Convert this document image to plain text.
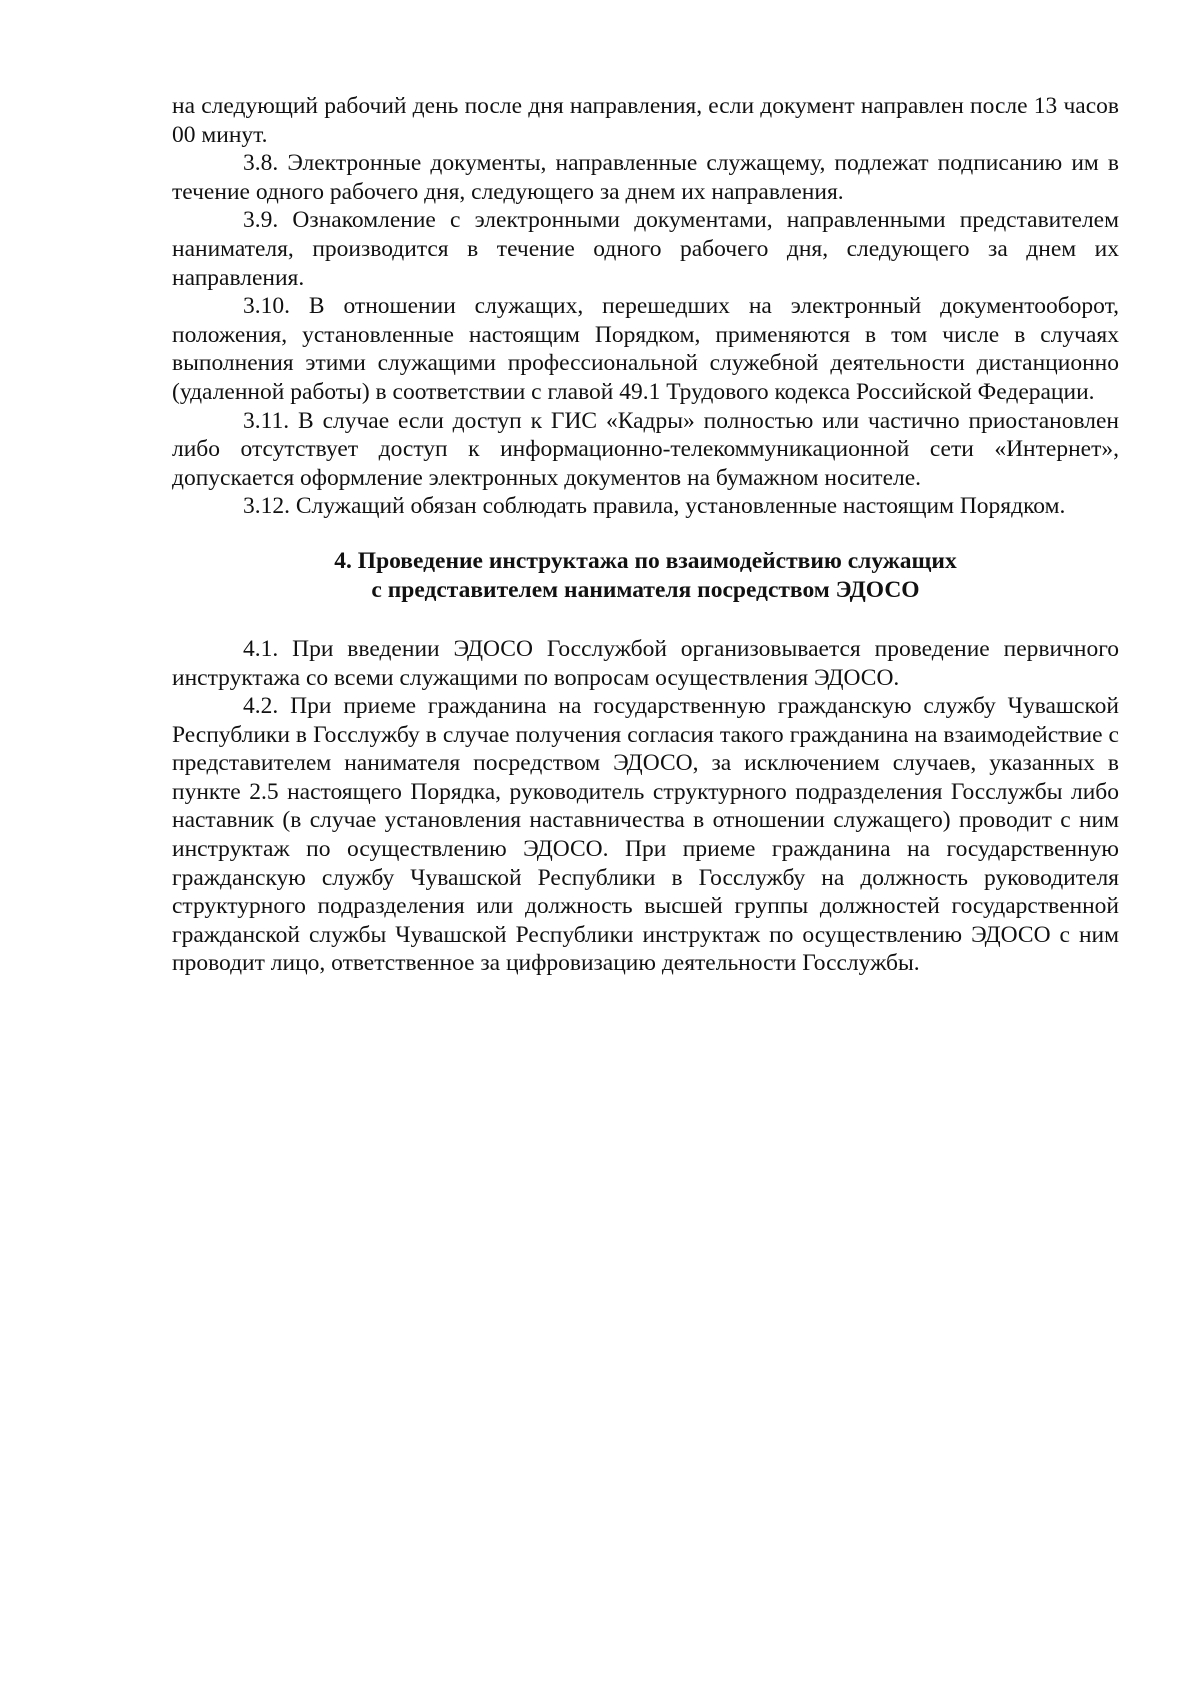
на следующий рабочий день после дня направления, если документ направлен после 13 часов 00 минут.

3.8. Электронные документы, направленные служащему, подлежат подписанию им в течение одного рабочего дня, следующего за днем их направления.

3.9. Ознакомление с электронными документами, направленными представителем нанимателя, производится в течение одного рабочего дня, следующего за днем их направления.

3.10. В отношении служащих, перешедших на электронный документооборот, положения, установленные настоящим Порядком, применяются в том числе в случаях выполнения этими служащими профессиональной служебной деятельности дистанционно (удаленной работы) в соответствии с главой 49.1 Трудового кодекса Российской Федерации.

3.11. В случае если доступ к ГИС «Кадры» полностью или частично приостановлен либо отсутствует доступ к информационно-телекоммуникационной сети «Интернет», допускается оформление электронных документов на бумажном носителе.

3.12. Служащий обязан соблюдать правила, установленные настоящим Порядком.

4. Проведение инструктажа по взаимодействию служащих
с представителем нанимателя посредством ЭДОСО

4.1. При введении ЭДОСО Госслужбой организовывается проведение первичного инструктажа со всеми служащими по вопросам осуществления ЭДОСО.

4.2. При приеме гражданина на государственную гражданскую службу Чувашской Республики в Госслужбу в случае получения согласия такого гражданина на взаимодействие с представителем нанимателя посредством ЭДОСО, за исключением случаев, указанных в пункте 2.5 настоящего Порядка, руководитель структурного подразделения Госслужбы либо наставник (в случае установления наставничества в отношении служащего) проводит с ним инструктаж по осуществлению ЭДОСО. При приеме гражданина на государственную гражданскую службу Чувашской Республики в Госслужбу на должность руководителя структурного подразделения или должность высшей группы должностей государственной гражданской службы Чувашской Республики инструктаж по осуществлению ЭДОСО с ним проводит лицо, ответственное за цифровизацию деятельности Госслужбы.
